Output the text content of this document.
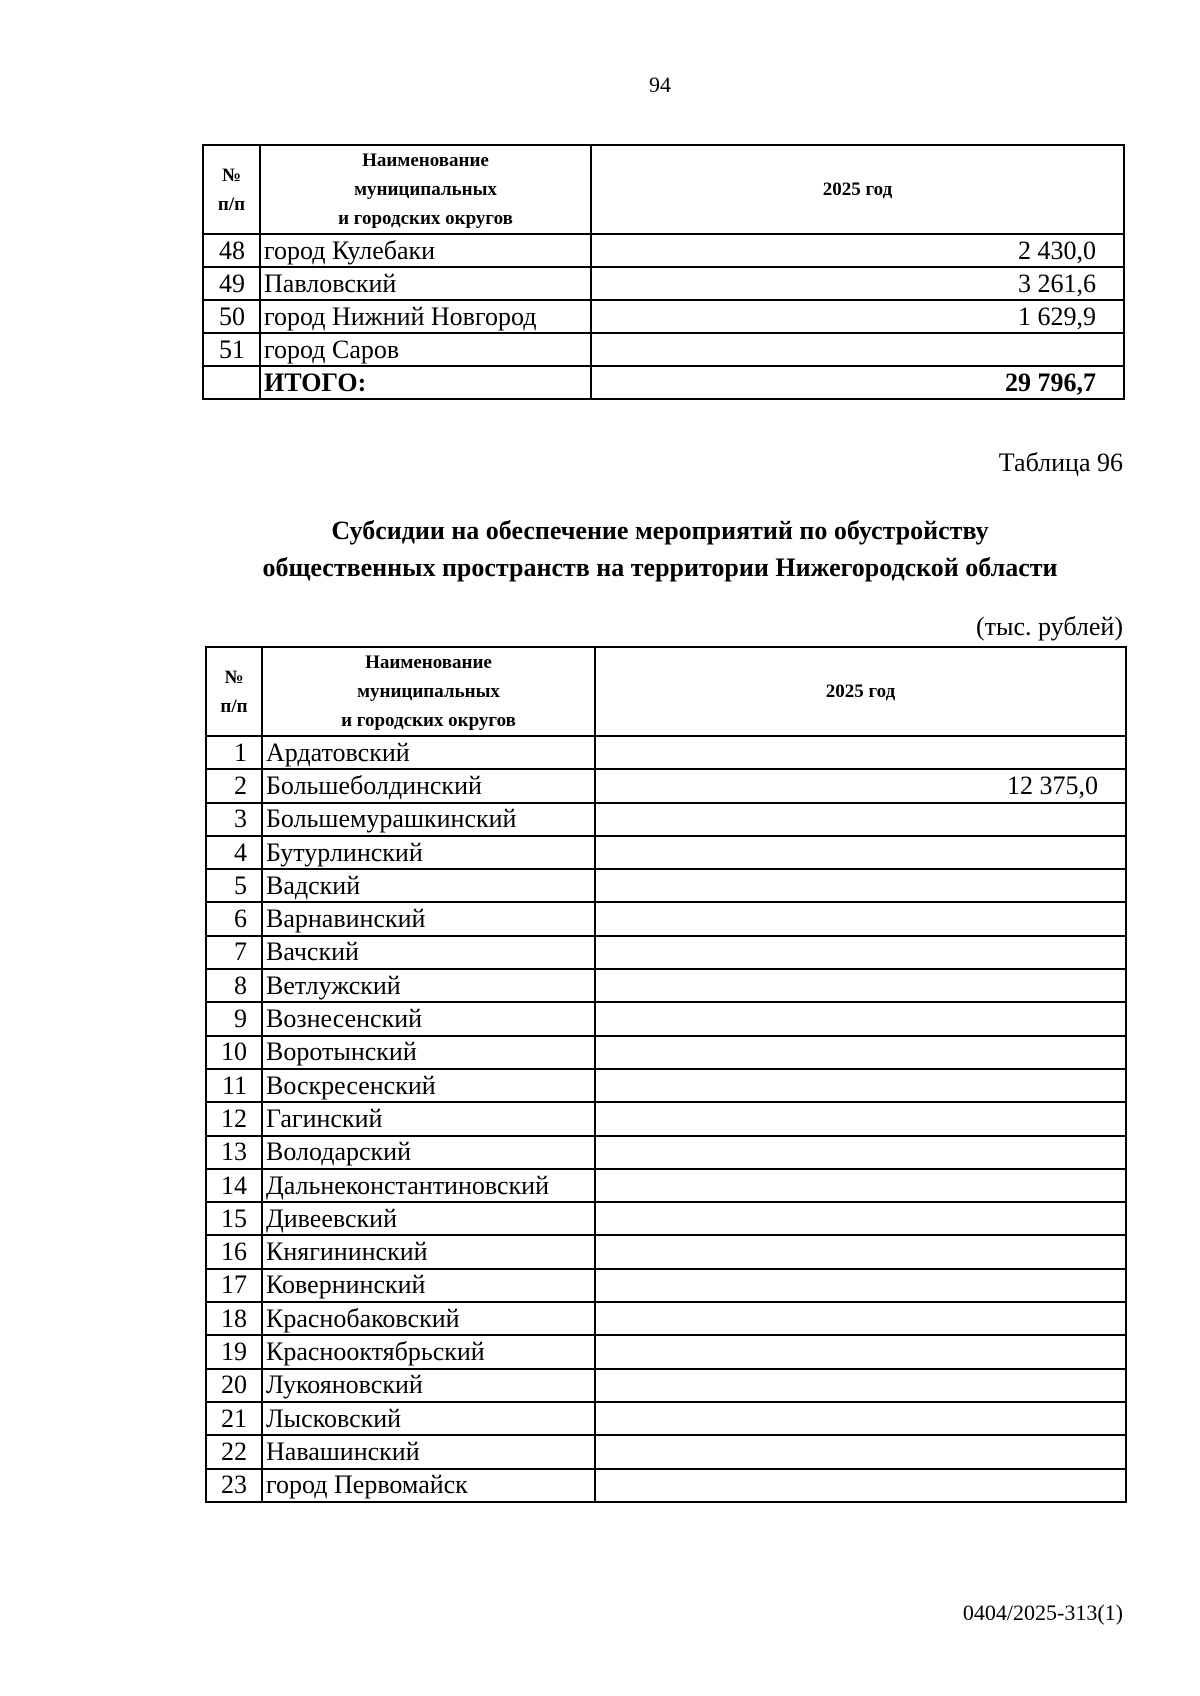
94
№
п/п	Наименование
муниципальных
и городских округов	2025 год
48	город Кулебаки	2 430,0
49	Павловский	3 261,6
50	город Нижний Новгород	1 629,9
51	город Саров	
	ИТОГО:	29 796,7
Таблица 96
Субсидии на обеспечение мероприятий по обустройству
общественных пространств на территории Нижегородской области
(тыс. рублей)
№
п/п	Наименование
муниципальных
и городских округов	2025 год
1	Ардатовский	
2	Большеболдинский	12 375,0
3	Большемурашкинский	
4	Бутурлинский	
5	Вадский	
6	Варнавинский	
7	Вачский	
8	Ветлужский	
9	Вознесенский	
10	Воротынский	
11	Воскресенский	
12	Гагинский	
13	Володарский	
14	Дальнеконстантиновский	
15	Дивеевский	
16	Княгининский	
17	Ковернинский	
18	Краснобаковский	
19	Краснооктябрьский	
20	Лукояновский	
21	Лысковский	
22	Навашинский	
23	город Первомайск	
0404/2025-313(1)
